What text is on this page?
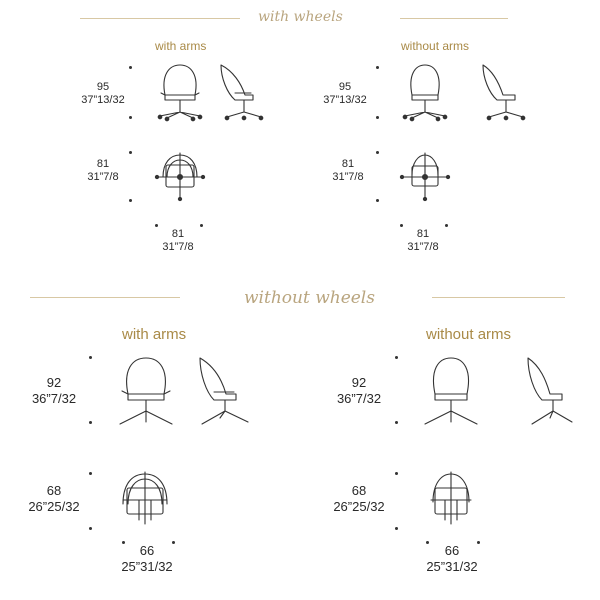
with wheels
with arms
95
37”13/32
81
31”7/8
81
31”7/8
without arms
95
37”13/32
81
31”7/8
81
31”7/8
without wheels
with arms
92
36”7/32
68
26”25/32
66
25”31/32
without arms
92
36”7/32
68
26”25/32
66
25”31/32
